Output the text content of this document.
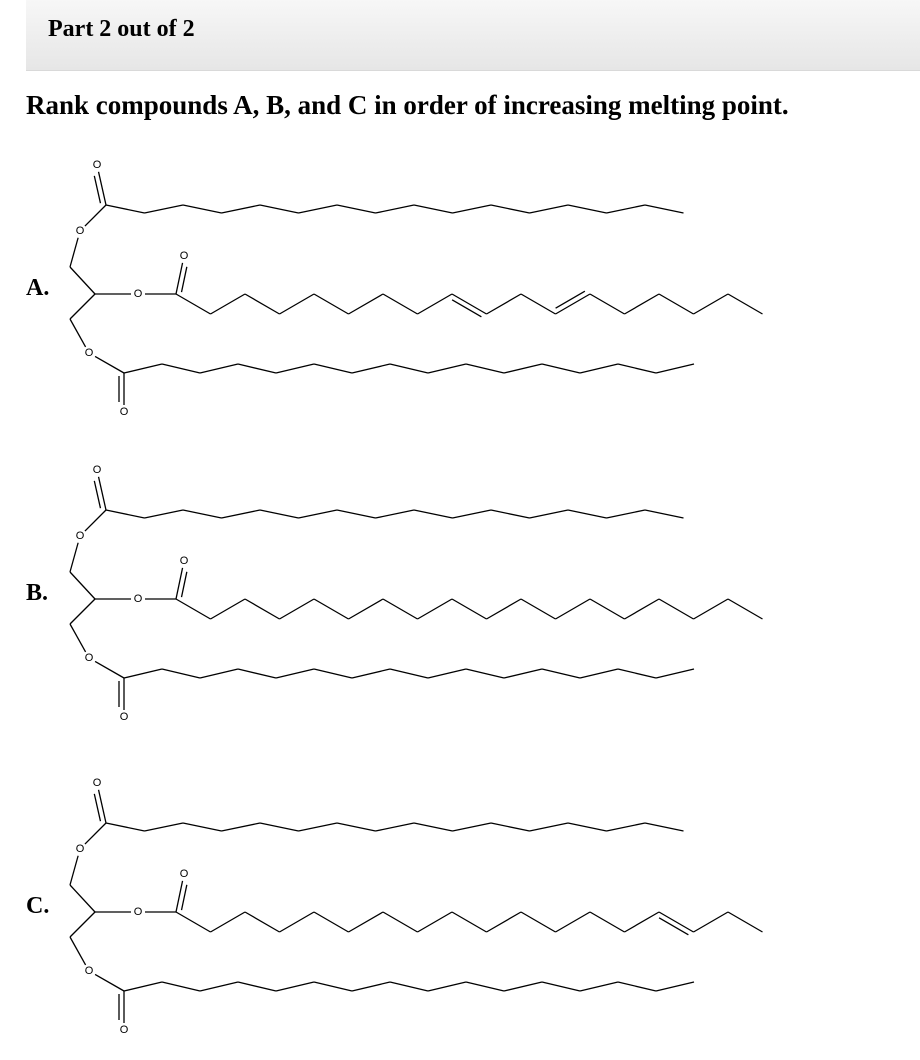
Part 2 out of 2
Rank compounds A, B, and C in order of increasing melting point.
A.
O
O
O
O
O
O
B.
O
O
O
O
O
O
C.
O
O
O
O
O
O
